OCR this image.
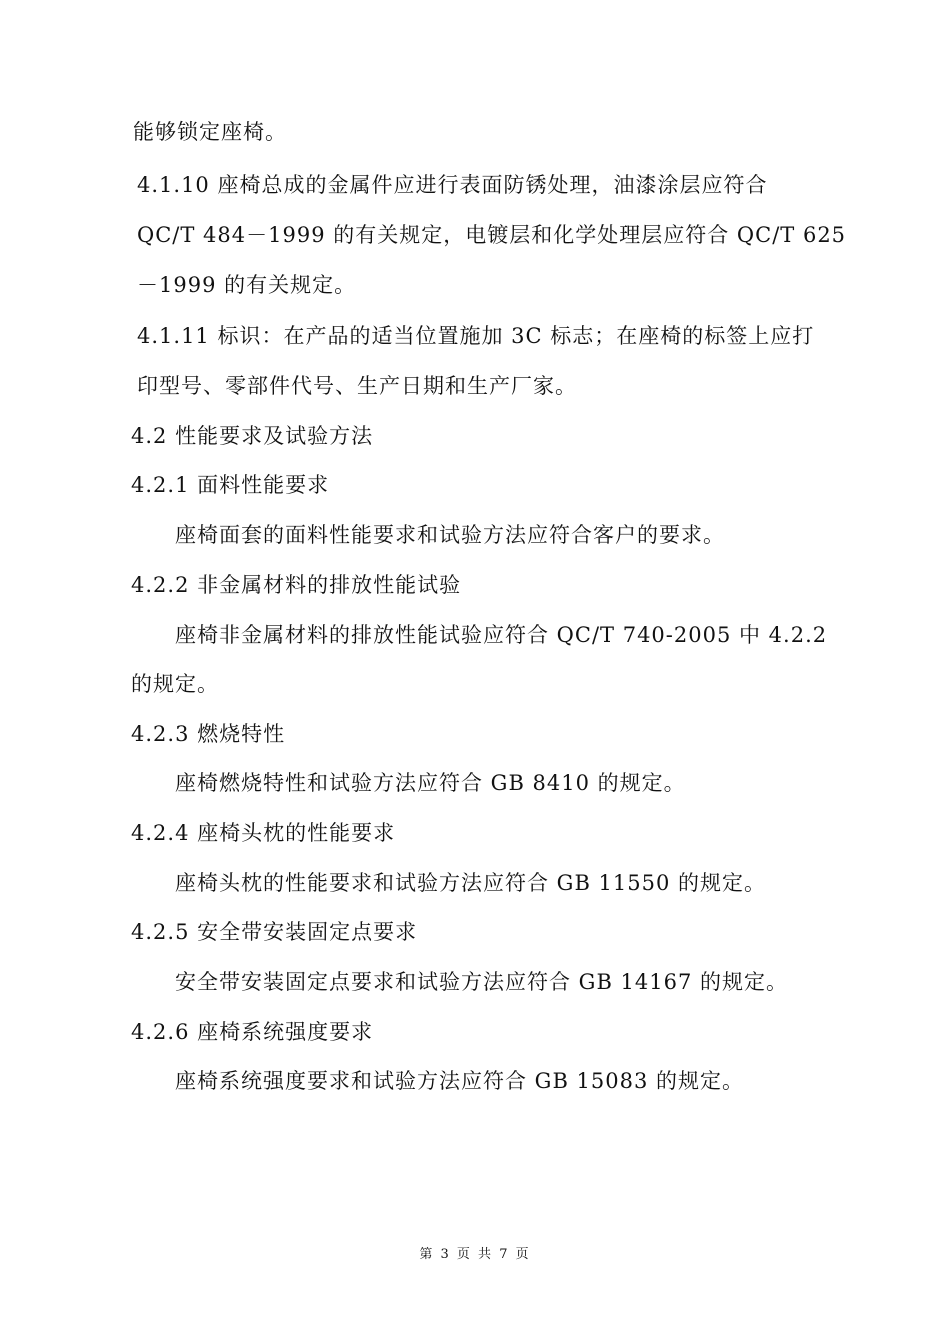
能够锁定座椅。
4.1.10 座椅总成的金属件应进行表面防锈处理，油漆涂层应符合
QC/T 484－1999 的有关规定，电镀层和化学处理层应符合 QC/T 625
－1999 的有关规定。
4.1.11 标识：在产品的适当位置施加 3C 标志；在座椅的标签上应打
印型号、零部件代号、生产日期和生产厂家。
4.2 性能要求及试验方法
4.2.1 面料性能要求
座椅面套的面料性能要求和试验方法应符合客户的要求。
4.2.2 非金属材料的排放性能试验
座椅非金属材料的排放性能试验应符合 QC/T 740-2005 中 4.2.2
的规定。
4.2.3 燃烧特性
座椅燃烧特性和试验方法应符合 GB 8410 的规定。
4.2.4 座椅头枕的性能要求
座椅头枕的性能要求和试验方法应符合 GB 11550 的规定。
4.2.5 安全带安装固定点要求
安全带安装固定点要求和试验方法应符合 GB 14167 的规定。
4.2.6 座椅系统强度要求
座椅系统强度要求和试验方法应符合 GB 15083 的规定。
第 3 页 共 7 页
